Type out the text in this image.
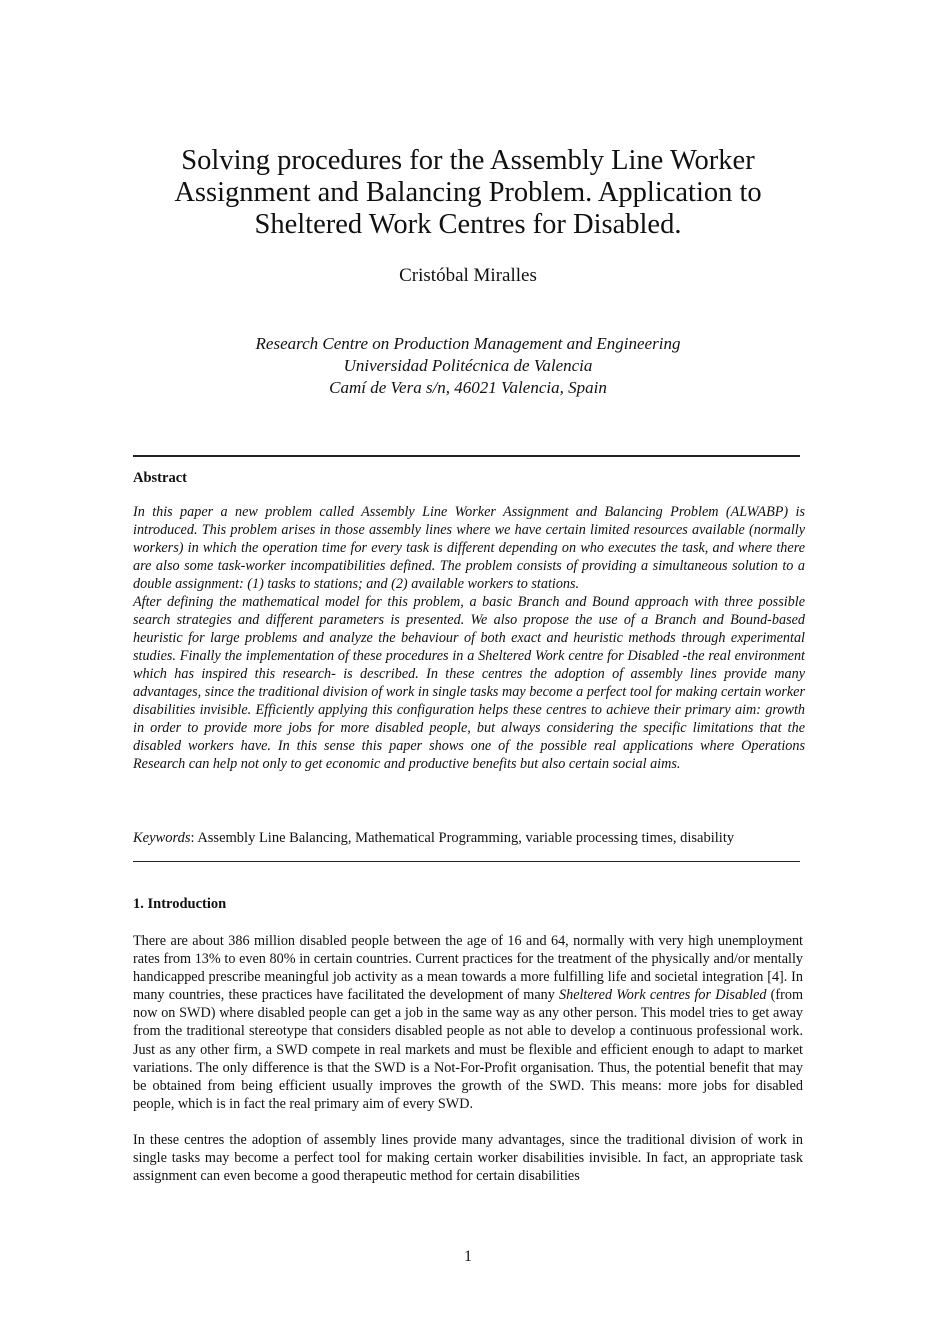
Solving procedures for the Assembly Line Worker
Assignment and Balancing Problem. Application to
Sheltered Work Centres for Disabled.
Cristóbal Miralles
Research Centre on Production Management and Engineering
Universidad Politécnica de Valencia
Camí de Vera s/n, 46021 Valencia, Spain
Abstract

In this paper a new problem called Assembly Line Worker Assignment and Balancing Problem (ALWABP) is introduced. This problem arises in those assembly lines where we have certain limited resources available (normally workers) in which the operation time for every task is different depending on who executes the task, and where there are also some task-worker incompatibilities defined. The problem consists of providing a simultaneous solution to a double assignment: (1) tasks to stations; and (2) available workers to stations.

After defining the mathematical model for this problem, a basic Branch and Bound approach with three possible search strategies and different parameters is presented. We also propose the use of a Branch and Bound-based heuristic for large problems and analyze the behaviour of both exact and heuristic methods through experimental studies. Finally the implementation of these procedures in a Sheltered Work centre for Disabled -the real environment which has inspired this research- is described. In these centres the adoption of assembly lines provide many advantages, since the traditional division of work in single tasks may become a perfect tool for making certain worker disabilities invisible. Efficiently applying this configuration helps these centres to achieve their primary aim: growth in order to provide more jobs for more disabled people, but always considering the specific limitations that the disabled workers have. In this sense this paper shows one of the possible real applications where Operations Research can help not only to get economic and productive benefits but also certain social aims.

Keywords: Assembly Line Balancing, Mathematical Programming, variable processing times, disability
1. Introduction

There are about 386 million disabled people between the age of 16 and 64, normally with very high unemployment rates from 13% to even 80% in certain countries. Current practices for the treatment of the physically and/or mentally handicapped prescribe meaningful job activity as a mean towards a more fulfilling life and societal integration [4]. In many countries, these practices have facilitated the development of many Sheltered Work centres for Disabled (from now on SWD) where disabled people can get a job in the same way as any other person. This model tries to get away from the traditional stereotype that considers disabled people as not able to develop a continuous professional work. Just as any other firm, a SWD compete in real markets and must be flexible and efficient enough to adapt to market variations. The only difference is that the SWD is a Not-For-Profit organisation. Thus, the potential benefit that may be obtained from being efficient usually improves the growth of the SWD. This means: more jobs for disabled people, which is in fact the real primary aim of every SWD.

In these centres the adoption of assembly lines provide many advantages, since the traditional division of work in single tasks may become a perfect tool for making certain worker disabilities invisible. In fact, an appropriate task assignment can even become a good therapeutic method for certain disabilities

1
